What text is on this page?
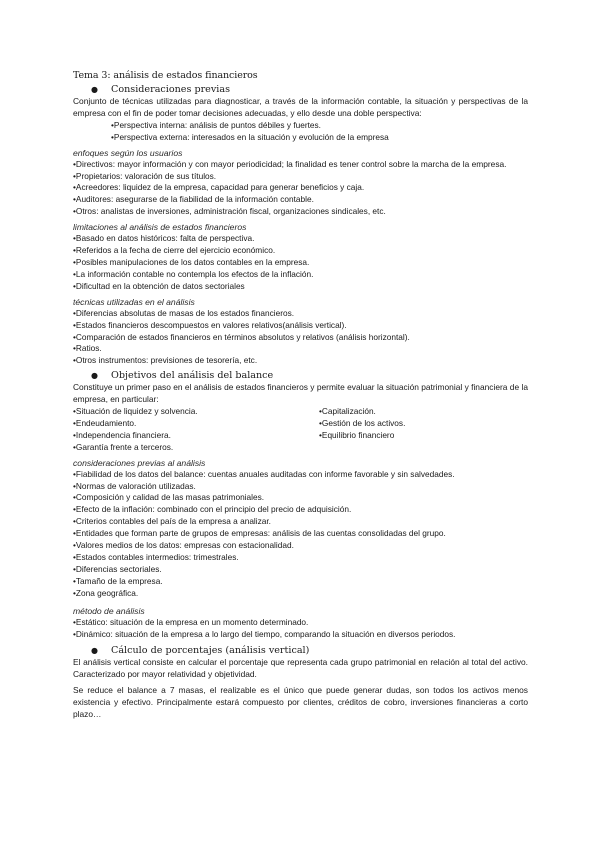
Tema 3: análisis de estados financieros
● Consideraciones previas

Conjunto de técnicas utilizadas para diagnosticar, a través de la información contable, la situación y perspectivas de la empresa con el fin de poder tomar decisiones adecuadas, y ello desde una doble perspectiva:

•Perspectiva interna: análisis de puntos débiles y fuertes.
•Perspectiva externa: interesados en la situación y evolución de la empresa
enfoques según los usuarios

•Directivos: mayor información y con mayor periodicidad; la finalidad es tener control sobre la marcha de la empresa.

•Propietarios: valoración de sus títulos.
•Acreedores: liquidez de la empresa, capacidad para generar beneficios y caja.
•Auditores: asegurarse de la fiabilidad de la información contable.
•Otros: analistas de inversiones, administración fiscal, organizaciones sindicales, etc.
limitaciones al análisis de estados financieros
•Basado en datos históricos: falta de perspectiva.
•Referidos a la fecha de cierre del ejercicio económico.
•Posibles manipulaciones de los datos contables en la empresa.
•La información contable no contempla los efectos de la inflación.
•Dificultad en la obtención de datos sectoriales
técnicas utilizadas en el análisis
•Diferencias absolutas de masas de los estados financieros.
•Estados financieros descompuestos en valores relativos(análisis vertical).
•Comparación de estados financieros en términos absolutos y relativos (análisis horizontal).
•Ratios.
•Otros instrumentos: previsiones de tesorería, etc.
● Objetivos del análisis del balance

Constituye un primer paso en el análisis de estados financieros y permite evaluar la situación patrimonial y financiera de la empresa, en particular:

•Situación de liquidez y solvencia.
•Endeudamiento.
•Independencia financiera.
•Garantía frente a terceros.
•Capitalización.
•Gestión de los activos.
•Equilibrio financiero
consideraciones previas al análisis
•Fiabilidad de los datos del balance: cuentas anuales auditadas con informe favorable y sin salvedades.
•Normas de valoración utilizadas.
•Composición y calidad de las masas patrimoniales.
•Efecto de la inflación: combinado con el principio del precio de adquisición.
•Criterios contables del país de la empresa a analizar.
•Entidades que forman parte de grupos de empresas: análisis de las cuentas consolidadas del grupo.
•Valores medios de los datos: empresas con estacionalidad.
•Estados contables intermedios: trimestrales.
•Diferencias sectoriales.
•Tamaño de la empresa.
•Zona geográfica.
método de análisis
•Estático: situación de la empresa en un momento determinado.
•Dinámico: situación de la empresa a lo largo del tiempo, comparando la situación en diversos periodos.
● Cálculo de porcentajes (análisis vertical)

El análisis vertical consiste en calcular el porcentaje que representa cada grupo patrimonial en relación al total del activo. Caracterizado por mayor relatividad y objetividad.

Se reduce el balance a 7 masas, el realizable es el único que puede generar dudas, son todos los activos menos existencia y efectivo. Principalmente estará compuesto por clientes, créditos de cobro, inversiones financieras a corto plazo…
